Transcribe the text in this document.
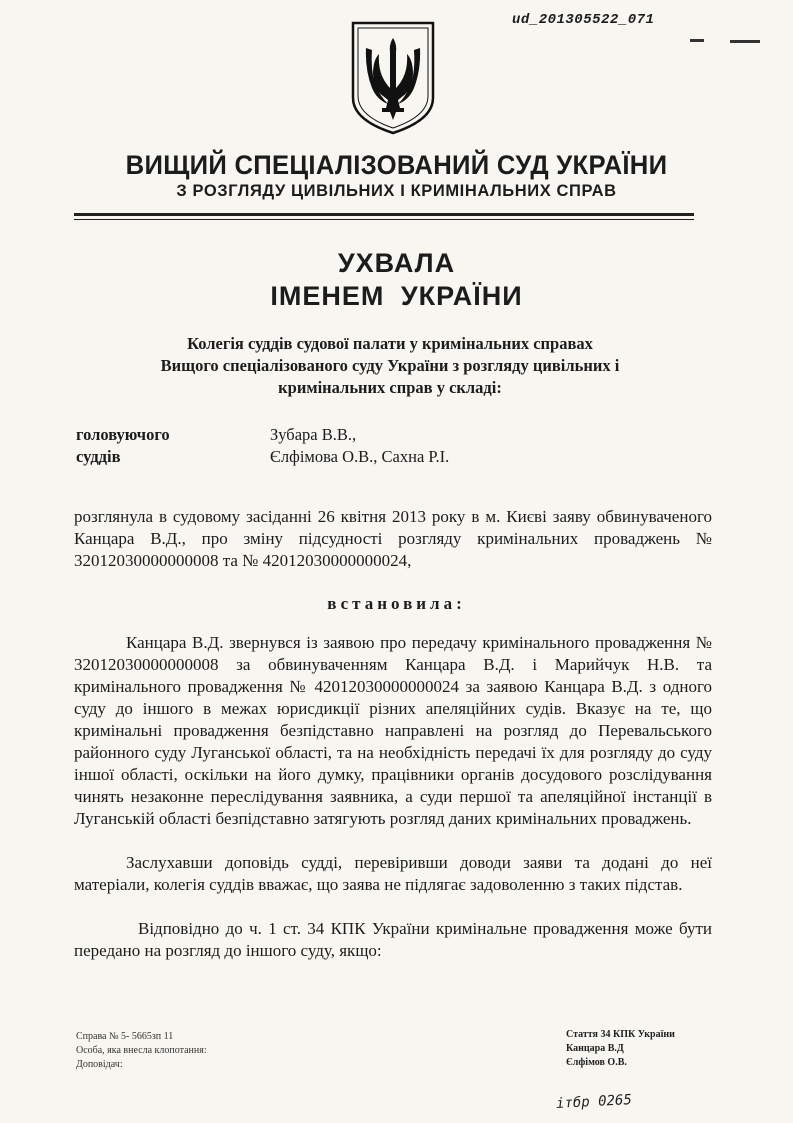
ud_201305522_071
ВИЩИЙ СПЕЦІАЛІЗОВАНИЙ СУД УКРАЇНИ
З РОЗГЛЯДУ ЦИВІЛЬНИХ І КРИМІНАЛЬНИХ СПРАВ
УХВАЛА
ІМЕНЕМ УКРАЇНИ
Колегія суддів судової палати у кримінальних справах
Вищого спеціалізованого суду України з розгляду цивільних і
кримінальних справ у складі:
головуючого	Зубара В.В.,
суддів	Єлфімова О.В., Сахна Р.І.
розглянула в судовому засіданні 26 квітня 2013 року в м. Києві заяву обвинуваченого Канцара В.Д., про зміну підсудності розгляду кримінальних проваджень № 32012030000000008 та № 42012030000000024,
встановила:
Канцара В.Д. звернувся із заявою про передачу кримінального провадження № 32012030000000008 за обвинуваченням Канцара В.Д. і Марийчук Н.В. та кримінального провадження № 42012030000000024 за заявою Канцара В.Д. з одного суду до іншого в межах юрисдикції різних апеляційних судів. Вказує на те, що кримінальні провадження безпідставно направлені на розгляд до Перевальського районного суду Луганської області, та на необхідність передачі їх для розгляду до суду іншої області, оскільки на його думку, працівники органів досудового розслідування чинять незаконне переслідування заявника, а суди першої та апеляційної інстанції в Луганській області безпідставно затягують розгляд даних кримінальних проваджень.
Заслухавши доповідь судді, перевіривши доводи заяви та додані до неї матеріали, колегія суддів вважає, що заява не підлягає задоволенню з таких підстав.
Відповідно до ч. 1 ст. 34 КПК України кримінальне провадження може бути передано на розгляд до іншого суду, якщо:
Справа № 5- 5665зп 11
Особа, яка внесла клопотання:
Доповідач:
Стаття 34 КПК України
Канцара В.Д
Єлфімов О.В.
ітбр 0265
